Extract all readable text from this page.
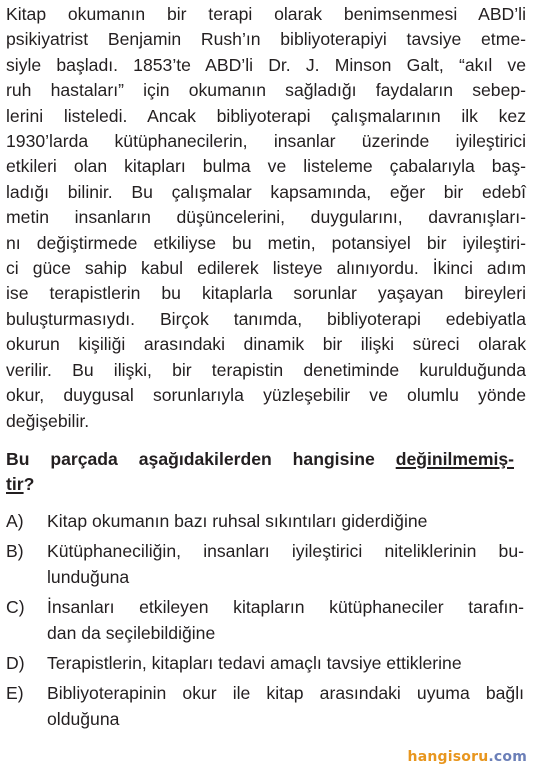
Kitap okumanın bir terapi olarak benimsenmesi ABD’li
psikiyatrist Benjamin Rush’ın bibliyoterapiyi tavsiye etme-
siyle başladı. 1853’te ABD’li Dr. J. Minson Galt, “akıl ve
ruh hastaları” için okumanın sağladığı faydaların sebep-
lerini listeledi. Ancak bibliyoterapi çalışmalarının ilk kez
1930’larda kütüphanecilerin, insanlar üzerinde iyileştirici
etkileri olan kitapları bulma ve listeleme çabalarıyla baş-
ladığı bilinir. Bu çalışmalar kapsamında, eğer bir edebî
metin insanların düşüncelerini, duygularını, davranışları-
nı değiştirmede etkiliyse bu metin, potansiyel bir iyileştiri-
ci güce sahip kabul edilerek listeye alınıyordu. İkinci adım
ise terapistlerin bu kitaplarla sorunlar yaşayan bireyleri
buluşturmasıydı. Birçok tanımda, bibliyoterapi edebiyatla
okurun kişiliği arasındaki dinamik bir ilişki süreci olarak
verilir. Bu ilişki, bir terapistin denetiminde kurulduğunda
okur, duygusal sorunlarıyla yüzleşebilir ve olumlu yönde
değişebilir.
Bu parçada aşağıdakilerden hangisine değinilmemiş-
tir?
A) Kitap okumanın bazı ruhsal sıkıntıları giderdiğine
B) Kütüphaneciliğin, insanları iyileştirici niteliklerinin bu-
lunduğuna
C) İnsanları etkileyen kitapların kütüphaneciler tarafın-
dan da seçilebildiğine
D) Terapistlerin, kitapları tedavi amaçlı tavsiye ettiklerine
E) Bibliyoterapinin okur ile kitap arasındaki uyuma bağlı
olduğuna
hangisoru.com
